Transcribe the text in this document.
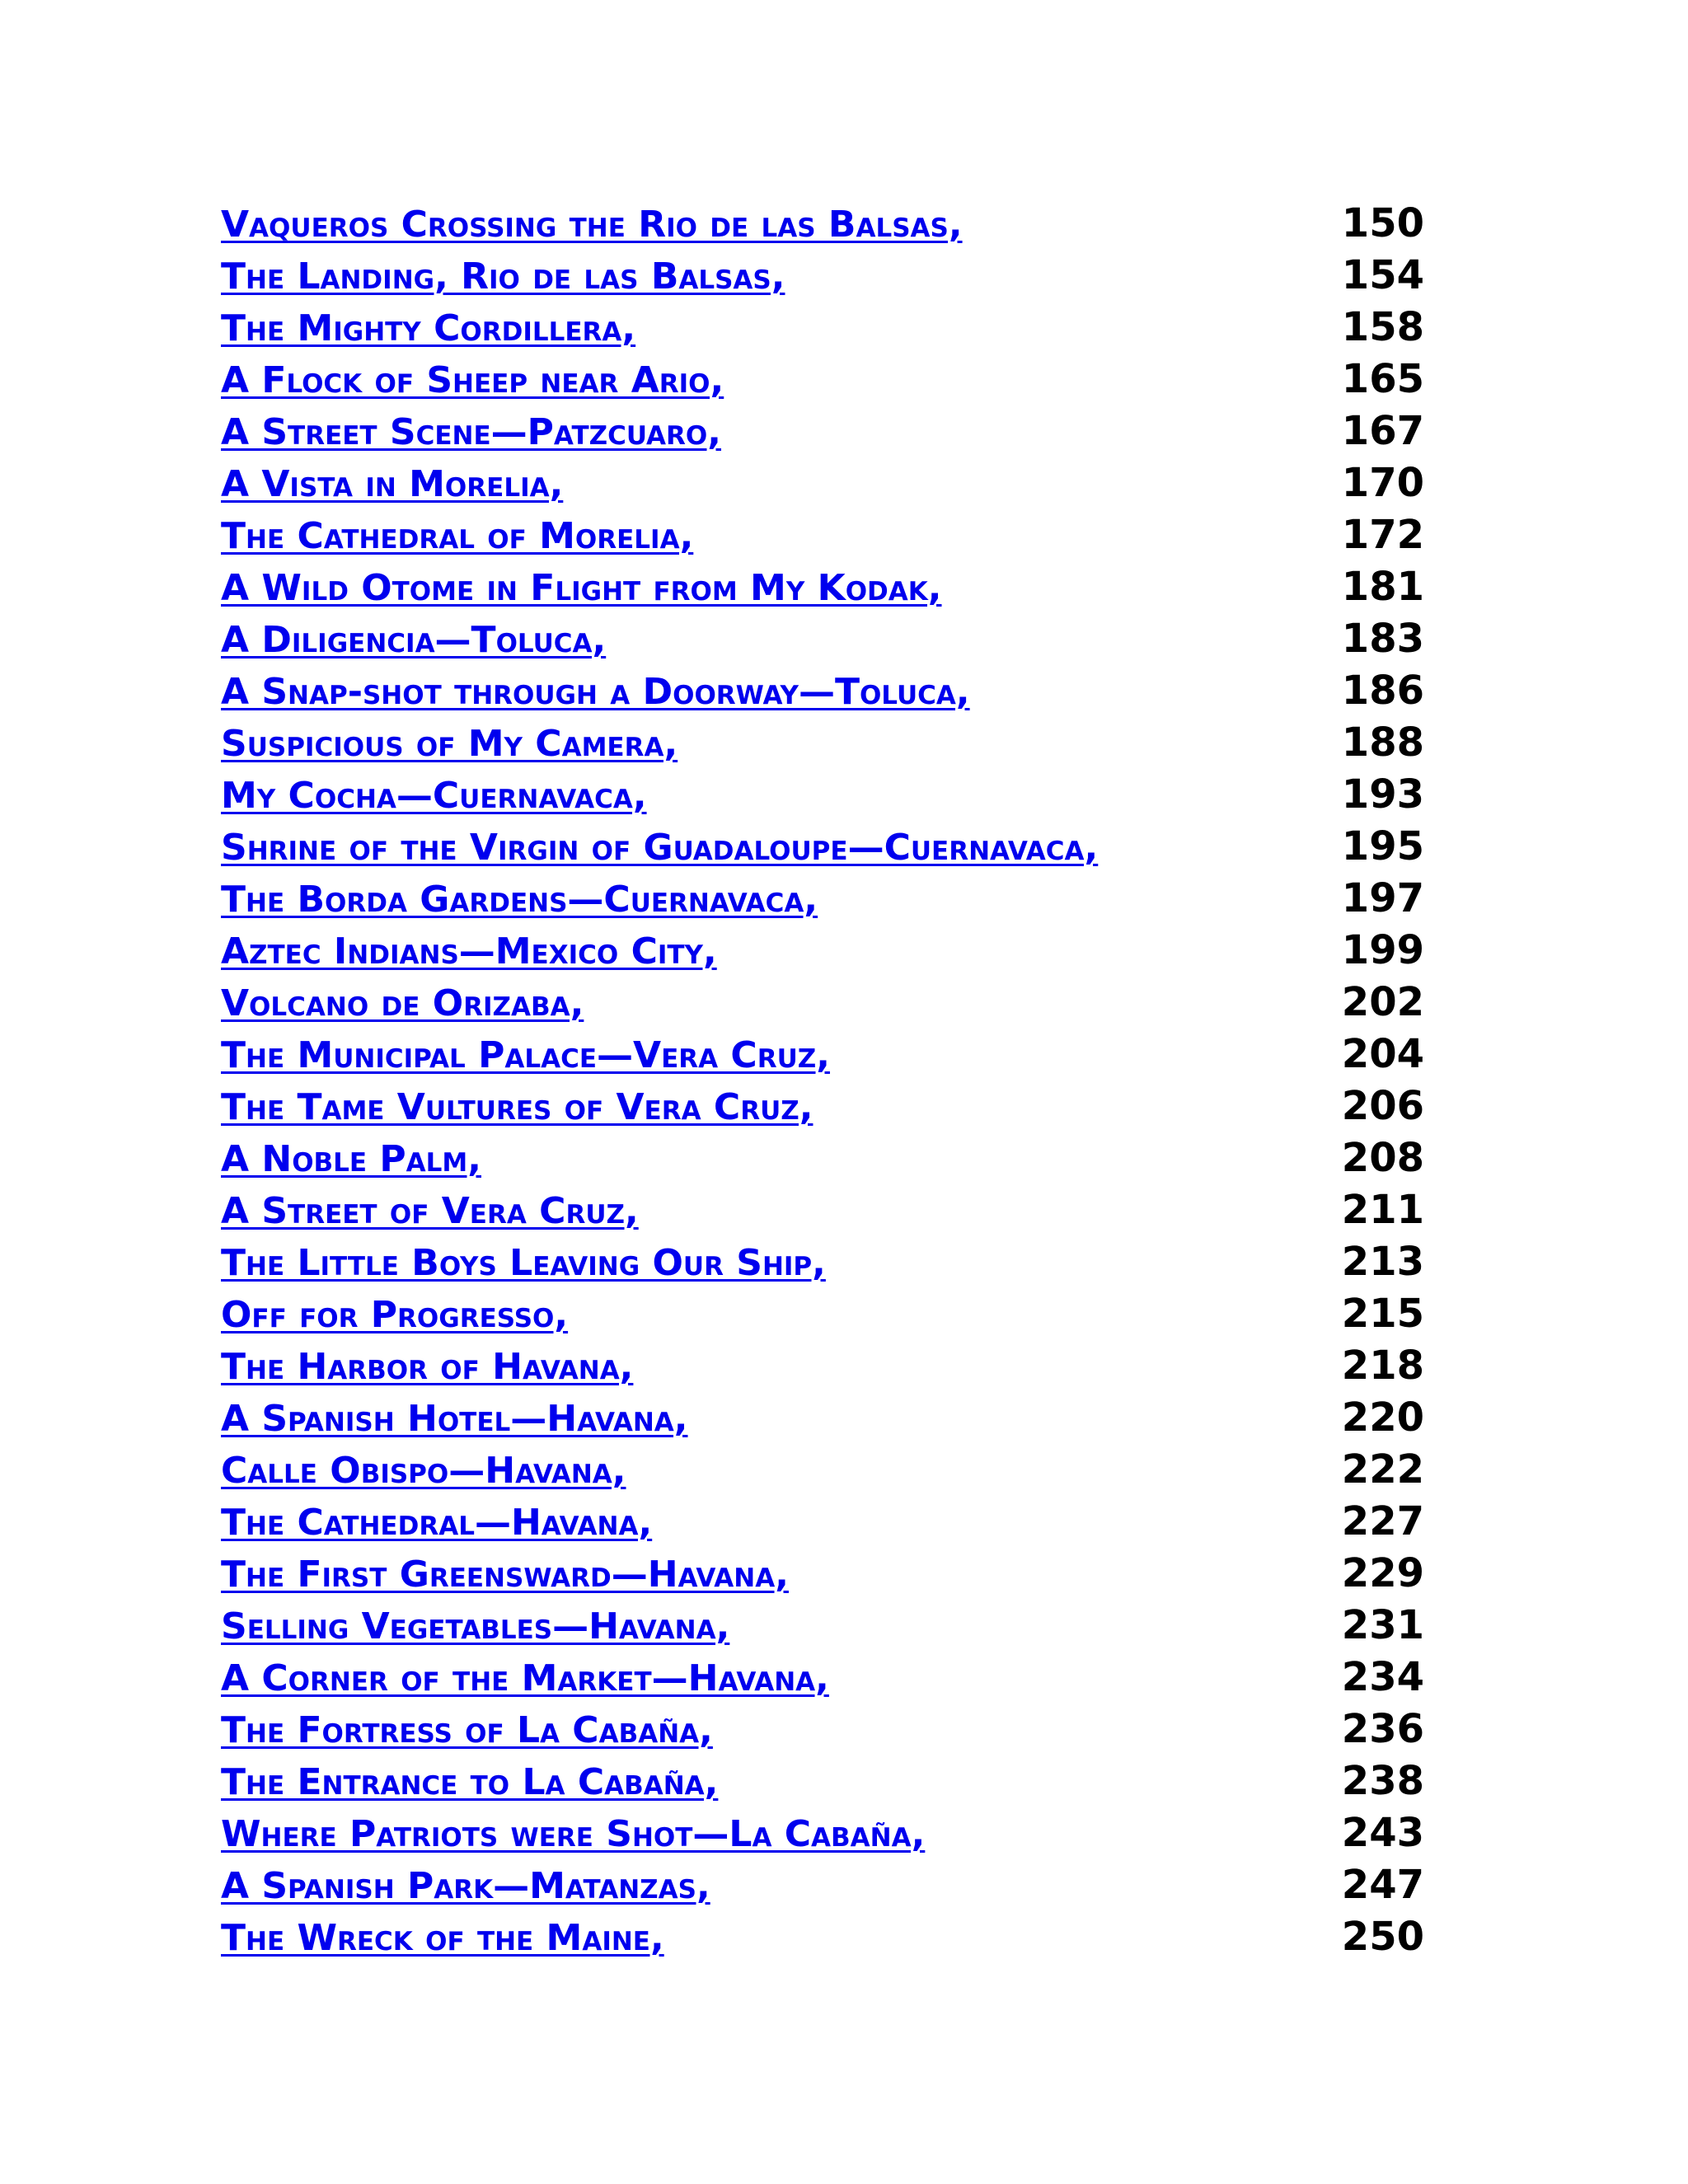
Vaqueros Crossing the Rio de las Balsas,	150
The Landing, Rio de las Balsas,	154
The Mighty Cordillera,	158
A Flock of Sheep near Ario,	165
A Street Scene—Patzcuaro,	167
A Vista in Morelia,	170
The Cathedral of Morelia,	172
A Wild Otome in Flight from My Kodak,	181
A Diligencia—Toluca,	183
A Snap-shot through a Doorway—Toluca,	186
Suspicious of My Camera,	188
My Cocha—Cuernavaca,	193
Shrine of the Virgin of Guadaloupe—Cuernavaca,	195
The Borda Gardens—Cuernavaca,	197
Aztec Indians—Mexico City,	199
Volcano de Orizaba,	202
The Municipal Palace—Vera Cruz,	204
The Tame Vultures of Vera Cruz,	206
A Noble Palm,	208
A Street of Vera Cruz,	211
The Little Boys Leaving Our Ship,	213
Off for Progresso,	215
The Harbor of Havana,	218
A Spanish Hotel—Havana,	220
Calle Obispo—Havana,	222
The Cathedral—Havana,	227
The First Greensward—Havana,	229
Selling Vegetables—Havana,	231
A Corner of the Market—Havana,	234
The Fortress of La Cabaña,	236
The Entrance to La Cabaña,	238
Where Patriots were Shot—La Cabaña,	243
A Spanish Park—Matanzas,	247
The Wreck of the Maine,	250
